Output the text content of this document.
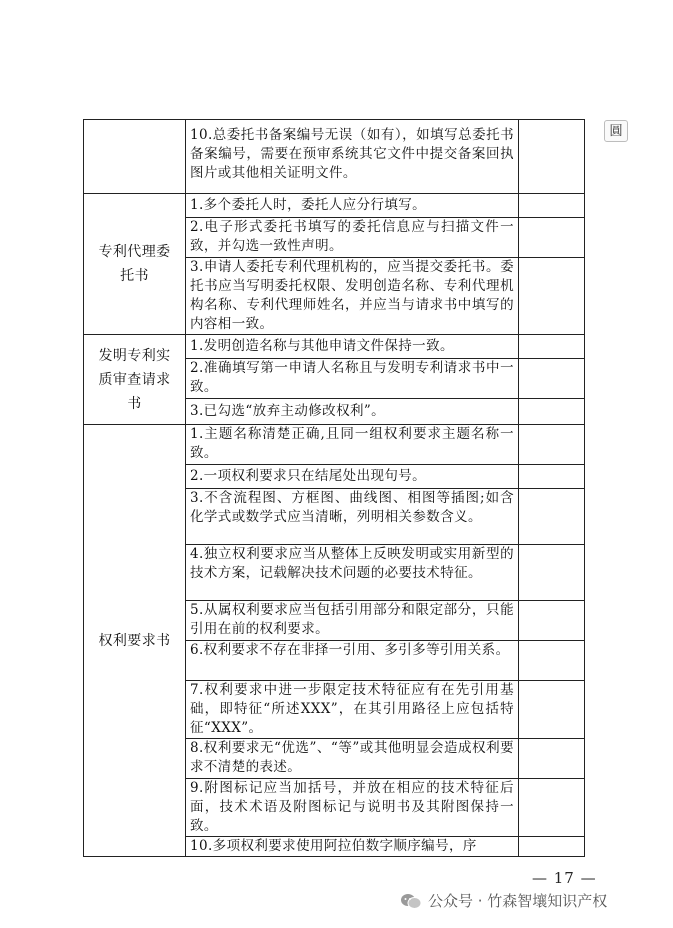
圓

	10.总委托书备案编号无误（如有），如填写总委托书备案编号，需要在预审系统其它文件中提交备案回执图片或其他相关证明文件。	

专利代理委托书	1.多个委托人时，委托人应分行填写。	

	2.电子形式委托书填写的委托信息应与扫描文件一致，并勾选一致性声明。	

	3.申请人委托专利代理机构的，应当提交委托书。委托书应当写明委托权限、发明创造名称、专利代理机构名称、专利代理师姓名，并应当与请求书中填写的内容相一致。	

发明专利实质审查请求书	1.发明创造名称与其他申请文件保持一致。	

	2.准确填写第一申请人名称且与发明专利请求书中一致。	

	3.已勾选“放弃主动修改权利”。	

权利要求书	1.主题名称清楚正确,且同一组权利要求主题名称一致。	

	2.一项权利要求只在结尾处出现句号。	

	3.不含流程图、方框图、曲线图、相图等插图;如含化学式或数学式应当清晰，列明相关参数含义。	

	4.独立权利要求应当从整体上反映发明或实用新型的技术方案，记载解决技术问题的必要技术特征。	

	5.从属权利要求应当包括引用部分和限定部分，只能引用在前的权利要求。	

	6.权利要求不存在非择一引用、多引多等引用关系。	

	7.权利要求中进一步限定技术特征应有在先引用基础，即特征“所述XXX”，在其引用路径上应包括特征“XXX”。	

	8.权利要求无“优选”、“等”或其他明显会造成权利要求不清楚的表述。	

	9.附图标记应当加括号，并放在相应的技术特征后面，技术术语及附图标记与说明书及其附图保持一致。	

	10.多项权利要求使用阿拉伯数字顺序编号，序	

— 17 —
公众号 · 竹森智壤知识产权
